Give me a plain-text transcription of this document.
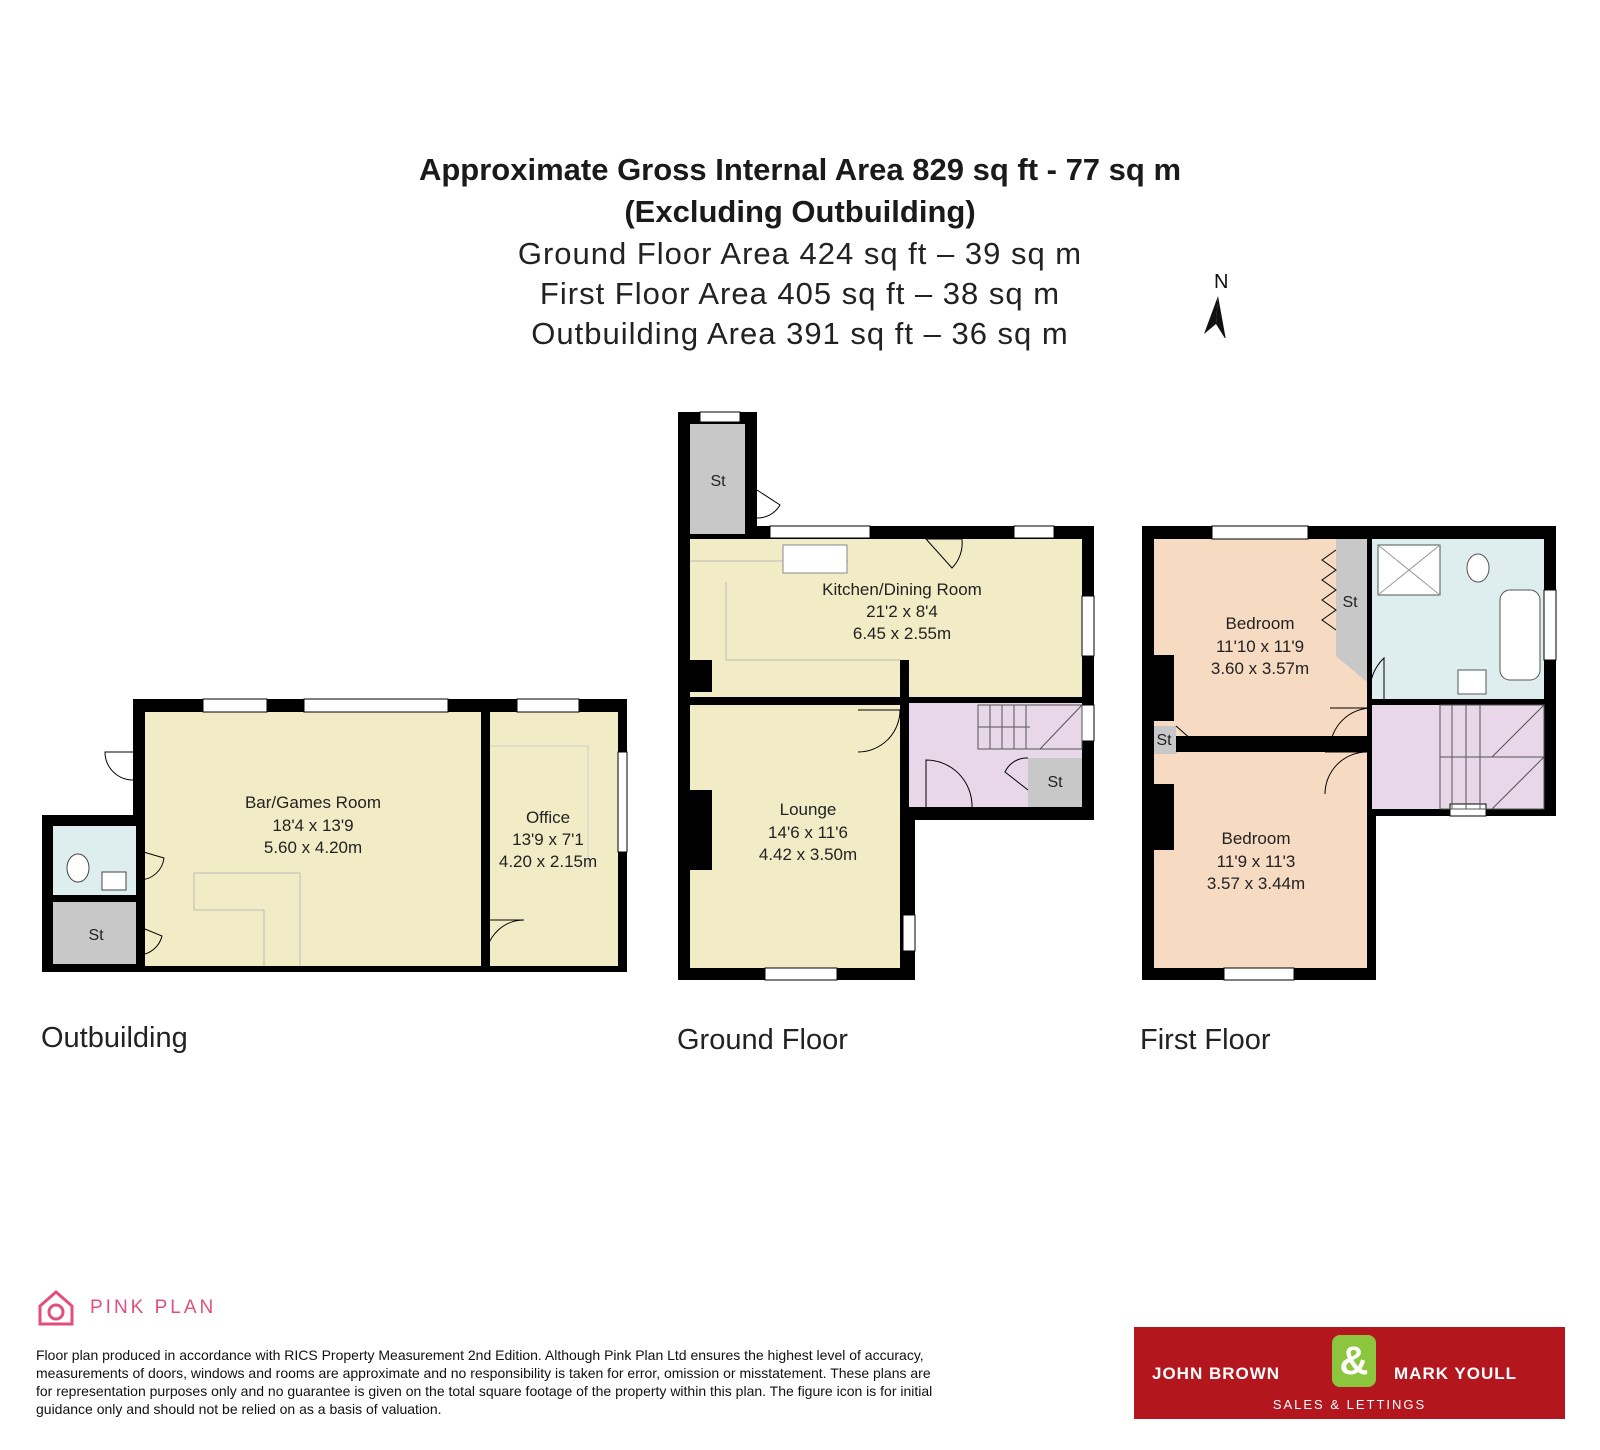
Approximate Gross Internal Area 829 sq ft - 77 sq m
(Excluding Outbuilding)
Ground Floor Area 424 sq ft – 39 sq m
First Floor Area 405 sq ft – 38 sq m
Outbuilding Area 391 sq ft – 36 sq m
N
Bar/Games Room
18'4 x 13'9
5.60 x 4.20m
Office
13'9 x 7'1
4.20 x 2.15m
Kitchen/Dining Room
21'2 x 8'4
6.45 x 2.55m
Lounge
14'6 x 11'6
4.42 x 3.50m
Bedroom
11'10 x 11'9
3.60 x 3.57m
Bedroom
11'9 x 11'3
3.57 x 3.44m
St
St
St
St
St
Outbuilding	Ground Floor	First Floor
PINK PLAN
Floor plan produced in accordance with RICS Property Measurement 2nd Edition. Although Pink Plan Ltd ensures the highest level of accuracy, measurements of doors, windows and rooms are approximate and no responsibility is taken for error, omission or misstatement. These plans are for representation purposes only and no guarantee is given on the total square footage of the property within this plan. The figure icon is for initial guidance only and should not be relied on as a basis of valuation.
JOHN BROWN &	MARK YOULL
SALES & LETTINGS
